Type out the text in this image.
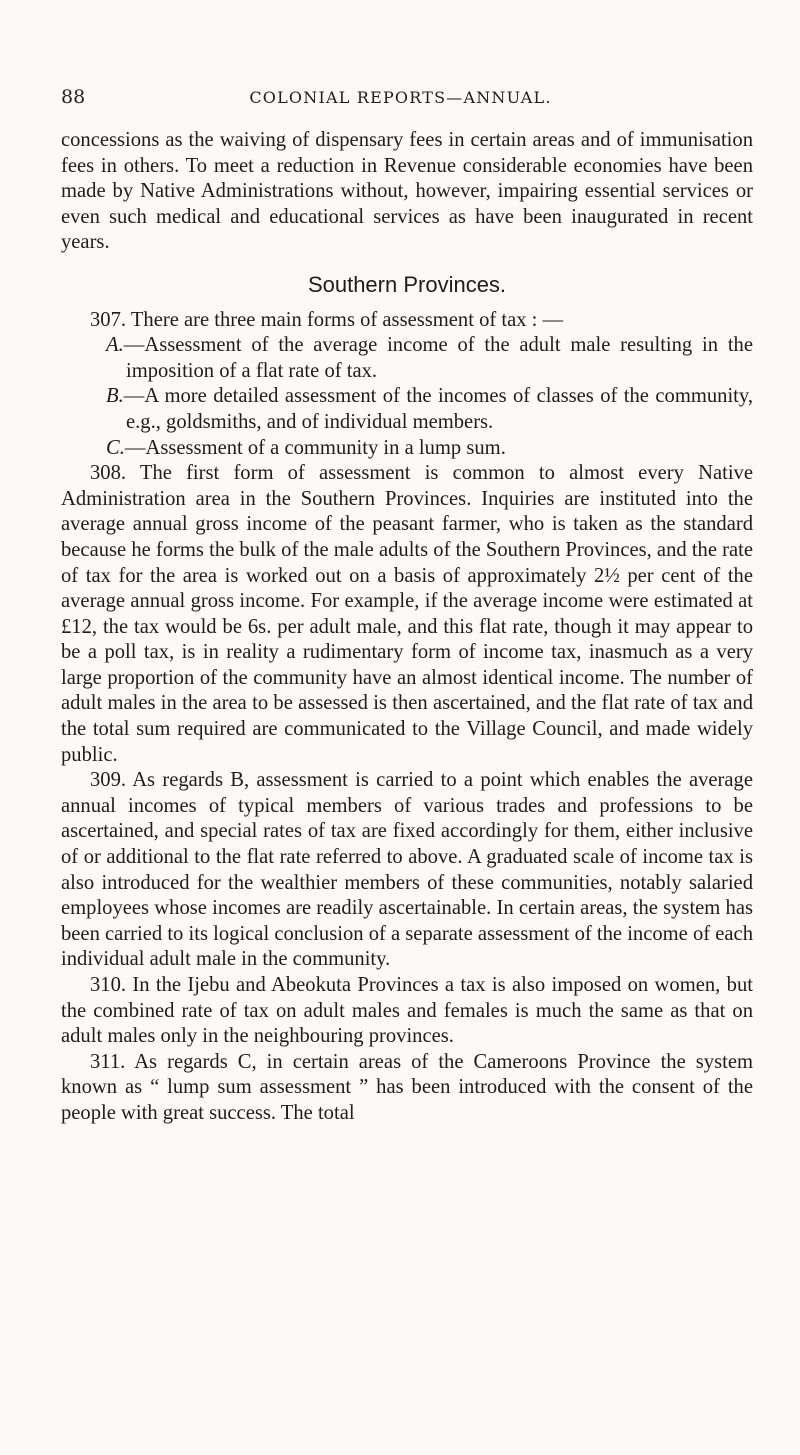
88	COLONIAL REPORTS—ANNUAL.

concessions as the waiving of dispensary fees in certain areas and of immunisation fees in others. To meet a reduction in Revenue considerable economies have been made by Native Administrations without, however, impairing essential services or even such medical and educational services as have been inaugurated in recent years.

Southern Provinces.

307. There are three main forms of assessment of tax : —

A.—Assessment of the average income of the adult male resulting in the imposition of a flat rate of tax.

B.—A more detailed assessment of the incomes of classes of the community, e.g., goldsmiths, and of individual members.

C.—Assessment of a community in a lump sum.

308. The first form of assessment is common to almost every Native Administration area in the Southern Provinces. Inquiries are instituted into the average annual gross income of the peasant farmer, who is taken as the standard because he forms the bulk of the male adults of the Southern Provinces, and the rate of tax for the area is worked out on a basis of approximately 2½ per cent of the average annual gross income. For example, if the average income were estimated at £12, the tax would be 6s. per adult male, and this flat rate, though it may appear to be a poll tax, is in reality a rudimentary form of income tax, inasmuch as a very large proportion of the community have an almost identical income. The number of adult males in the area to be assessed is then ascertained, and the flat rate of tax and the total sum required are communicated to the Village Council, and made widely public.

309. As regards B, assessment is carried to a point which enables the average annual incomes of typical members of various trades and professions to be ascertained, and special rates of tax are fixed accordingly for them, either inclusive of or additional to the flat rate referred to above. A graduated scale of income tax is also introduced for the wealthier members of these communities, notably salaried employees whose incomes are readily ascertainable. In certain areas, the system has been carried to its logical conclusion of a separate assessment of the income of each individual adult male in the community.

310. In the Ijebu and Abeokuta Provinces a tax is also imposed on women, but the combined rate of tax on adult males and females is much the same as that on adult males only in the neighbouring provinces.

311. As regards C, in certain areas of the Cameroons Province the system known as “ lump sum assessment ” has been introduced with the consent of the people with great success. The total
